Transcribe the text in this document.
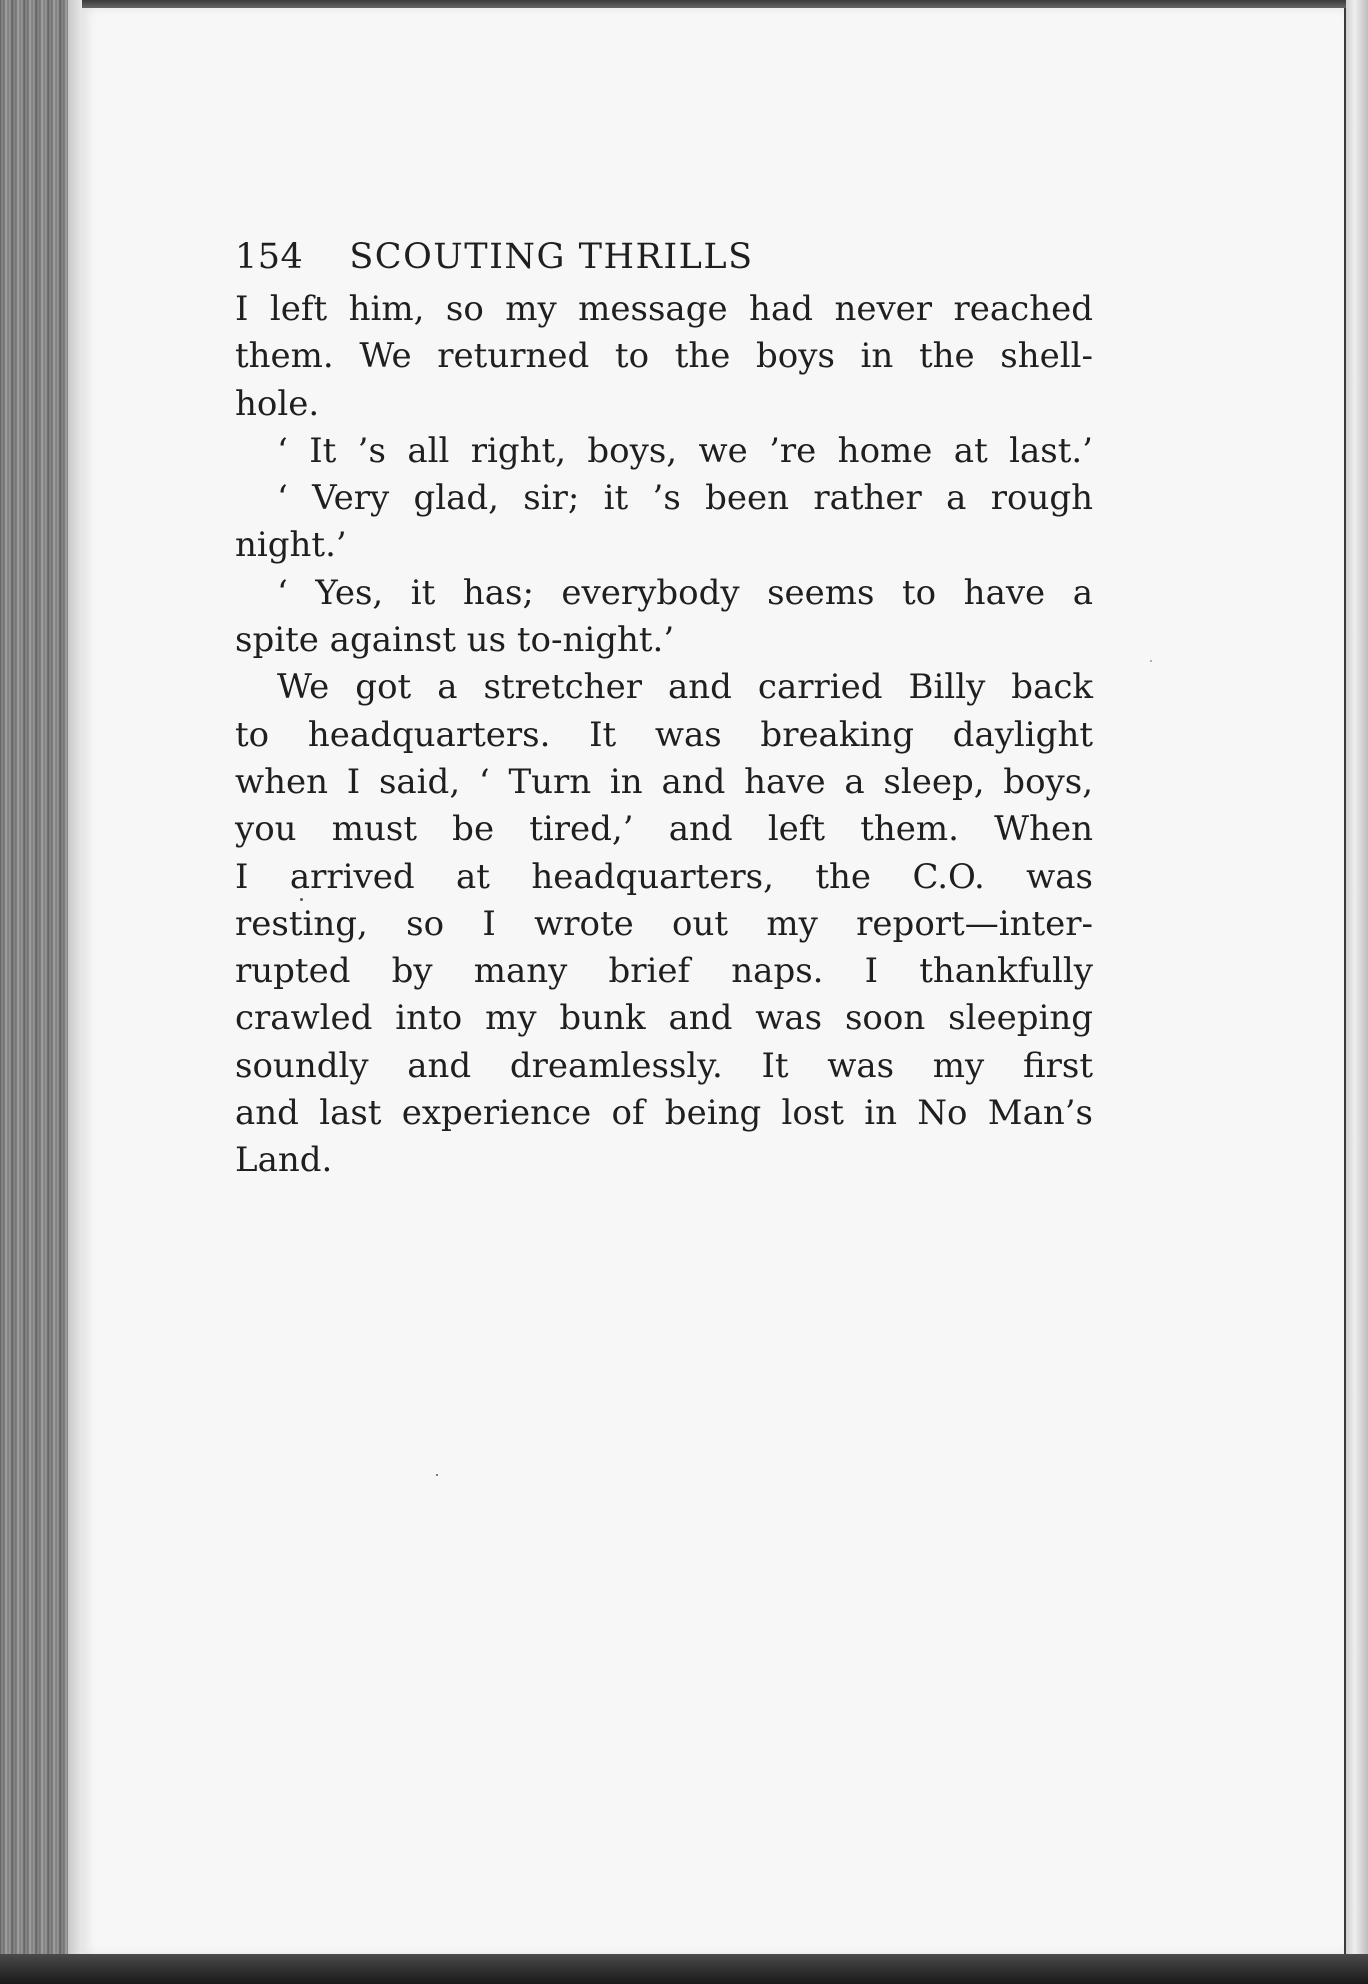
154 SCOUTING THRILLS
I left him, so my message had never reached
them. We returned to the boys in the shell-
hole.
‘ It ’s all right, boys, we ’re home at last.’
‘ Very glad, sir; it ’s been rather a rough
night.’
‘ Yes, it has; everybody seems to have a
spite against us to-night.’
We got a stretcher and carried Billy back
to headquarters. It was breaking daylight
when I said, ‘ Turn in and have a sleep, boys,
you must be tired,’ and left them. When
I arrived at headquarters, the C.O. was
resting, so I wrote out my report—inter-
rupted by many brief naps. I thankfully
crawled into my bunk and was soon sleeping
soundly and dreamlessly. It was my first
and last experience of being lost in No Man’s
Land.
